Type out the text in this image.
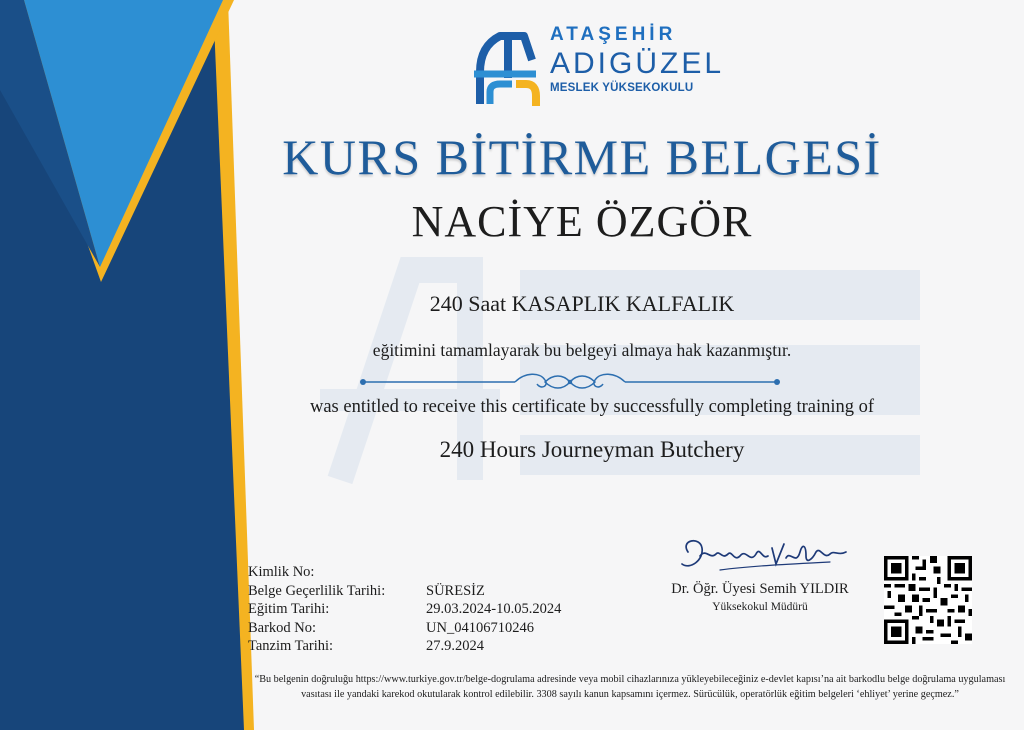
ATAŞEHİR
ADIGÜZEL
MESLEK YÜKSEKOKULU
KURS BİTİRME BELGESİ
NACİYE ÖZGÖR
240 Saat KASAPLIK KALFALIK
eğitimini tamamlayarak bu belgeyi almaya hak kazanmıştır.
was entitled to receive this certificate by successfully completing training of
240 Hours Journeyman Butchery
Kimlik No:
Belge Geçerlilik Tarihi:	SÜRESİZ
Eğitim Tarihi:	29.03.2024-10.05.2024
Barkod No:	UN_04106710246
Tanzim Tarihi:	27.9.2024
Dr. Öğr. Üyesi Semih YILDIR
Yüksekokul Müdürü
“Bu belgenin doğruluğu https://www.turkiye.gov.tr/belge-dogrulama adresinde veya mobil cihazlarınıza yükleyebileceğiniz e-devlet kapısı’na ait barkodlu belge doğrulama uygulaması vasıtası ile yandaki karekod okutularak kontrol edilebilir. 3308 sayılı kanun kapsamını içermez. Sürücülük, operatörlük eğitim belgeleri ‘ehliyet’ yerine geçmez.”
